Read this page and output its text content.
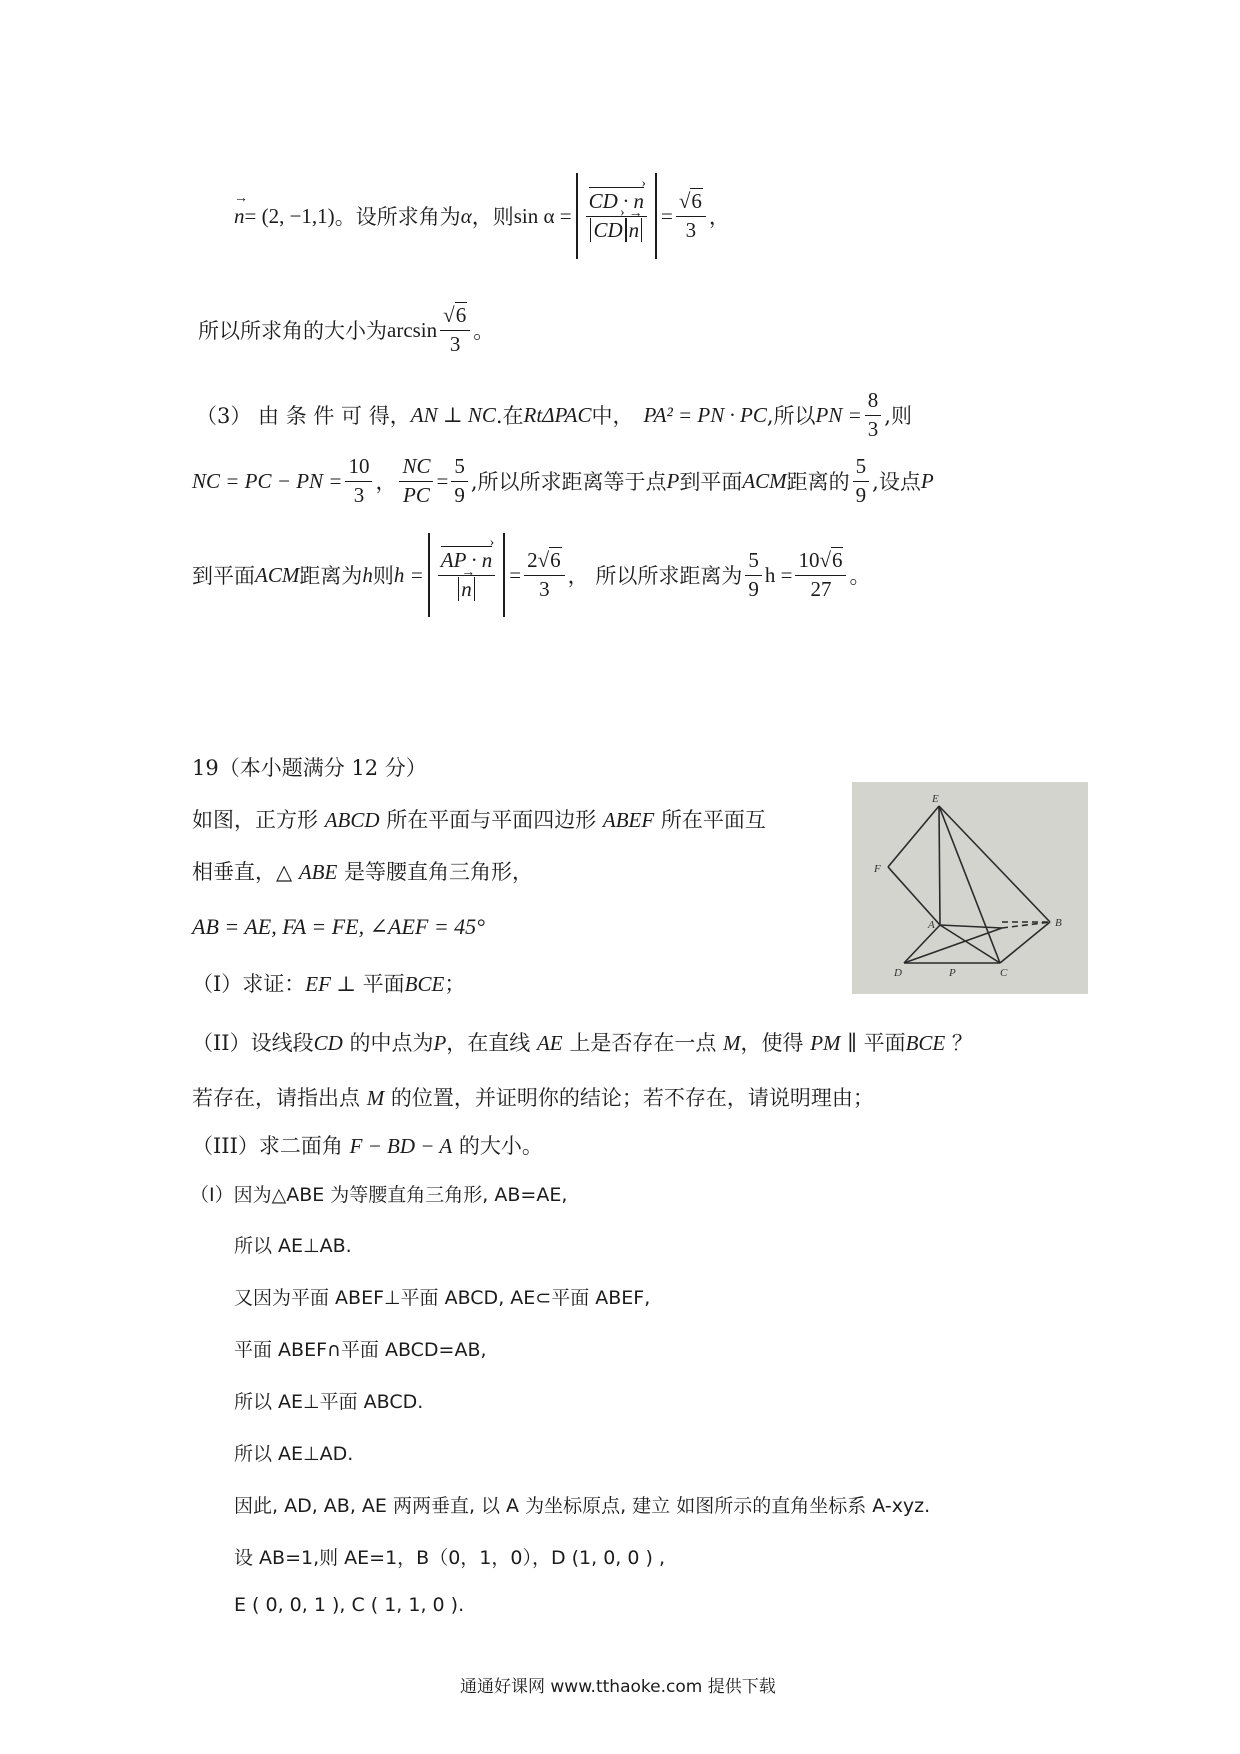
→ n = (2, −1,1) 。设所求角为 α ，则 $\sin \alpha = \frac{CD \cdot n ›}{CD ›\to n} = \frac{√6}{3}$ ，
所以所求角的大小为 $\arcsin \frac{√6}{3}$ 。
（3） 由 条 件 可 得， AN ⊥ NC .在 RtΔPAC 中， PA² = PN · PC ,所以 PN = $\frac{8}{3}$ ,则
NC = PC − PN = $\frac{10}{3}$ ， $\frac{NC}{PC} = \frac{5}{9}$ ,所以所求距离等于点 P 到平面 ACM 距离的 $\frac{5}{9}$ ,设点 P
到平面 ACM 距离为 h 则 h = AP · n ›
→ $n = \frac{2√6}{3}$ ， 所以所求距离为 $\frac{5}{9}$ $h = \frac{10√6}{27}$ 。
19（本小题满分 12 分）
如图，正方形 ABCD 所在平面与平面四边形 ABEF 所在平面互
相垂直，△ ABE 是等腰直角三角形，
AB = AE, FA = FE, ∠AEF = 45°
（I）求证：EF ⊥ 平面BCE；
（II）设线段CD 的中点为P，在直线 AE 上是否存在一点 M，使得 PM ∥ 平面BCE ？
若存在，请指出点 M 的位置，并证明你的结论；若不存在，请说明理由；
（III）求二面角 F − BD − A 的大小。
E
F
A	B
D	P	C
（I）因为△ABE 为等腰直角三角形, AB=AE,
所以 AE⊥AB.
又因为平面 ABEF⊥平面 ABCD, AE⊂平面 ABEF,
平面 ABEF∩平面 ABCD=AB,
所以 AE⊥平面 ABCD.
所以 AE⊥AD.
因此, AD, AB, AE 两两垂直, 以 A 为坐标原点, 建立 如图所示的直角坐标系 A-xyz.
设 AB=1,则 AE=1，B（0，1，0），D (1, 0, 0 ) ,
E ( 0, 0, 1 ), C ( 1, 1, 0 ).
通通好课网 www.tthaoke.com 提供下载
